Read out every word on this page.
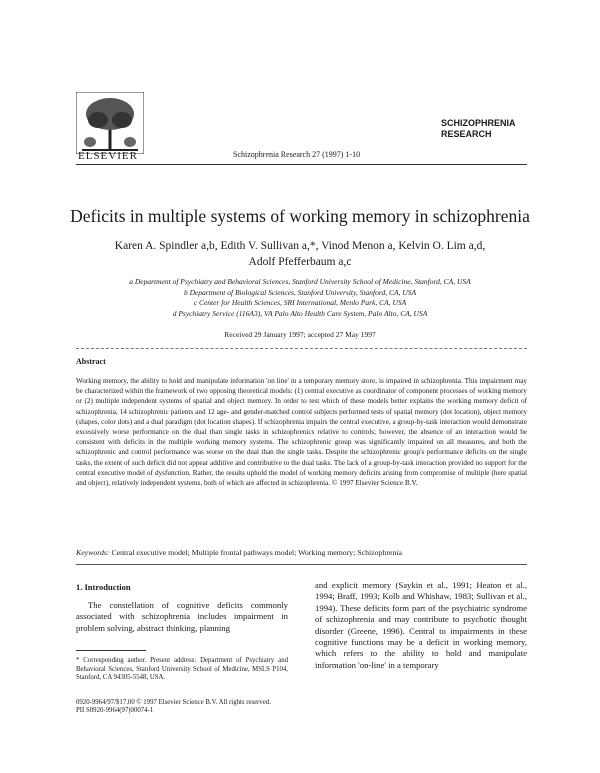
ELSEVIER	Schizophrenia Research 27 (1997) 1-10
SCHIZOPHRENIA
RESEARCH
Deficits in multiple systems of working memory in schizophrenia
Karen A. Spindler a,b, Edith V. Sullivan a,*, Vinod Menon a, Kelvin O. Lim a,d,
Adolf Pfefferbaum a,c
a Department of Psychiatry and Behavioral Sciences, Stanford University School of Medicine, Stanford, CA, USA
b Department of Biological Sciences, Stanford University, Stanford, CA, USA
c Center for Health Sciences, SRI International, Menlo Park, CA, USA
d Psychiatry Service (116A3), VA Palo Alto Health Care System, Palo Alto, CA, USA
Received 29 January 1997; accepted 27 May 1997
Abstract
Working memory, the ability to hold and manipulate information 'on line' in a temporary memory store, is impaired in schizophrenia. This impairment may be characterized within the framework of two opposing theoretical models: (1) central executive as coordinator of component processes of working memory or (2) multiple independent systems of spatial and object memory. In order to test which of these models better explains the working memory deficit of schizophrenia, 14 schizophrenic patients and 12 age- and gender-matched control subjects performed tests of spatial memory (dot location), object memory (shapes, color dots) and a dual paradigm (dot location shapes). If schizophrenia impairs the central executive, a group-by-task interaction would demonstrate excessively worse performance on the dual than single tasks in schizophrenics relative to controls; however, the absence of an interaction would be consistent with deficits in the multiple working memory systems. The schizophrenic group was significantly impaired on all measures, and both the schizophrenic and control performance was worse on the dual than the single tasks. Despite the schizophrenic group's performance deficits on the single tasks, the extent of such deficit did not appear additive and contributive to the dual tasks. The lack of a group-by-task interaction provided no support for the central executive model of dysfunction. Rather, the results uphold the model of working memory deficits arising from compromise of multiple (here spatial and object), relatively independent systems, both of which are affected in schizophrenia. © 1997 Elsevier Science B.V.
Keywords: Central executive model; Multiple frontal pathways model; Working memory; Schizophrenia
1. Introduction

The constellation of cognitive deficits commonly associated with schizophrenia includes impairment in problem solving, abstract thinking, planning

* Corresponding author. Present address: Department of Psychiatry and Behavioral Sciences, Stanford University School of Medicine, MSLS P104, Stanford, CA 94305-5548, USA.
0920-9964/97/$17.00 © 1997 Elsevier Science B.V. All rights reserved.
PII S0920-9964(97)00074-1

and explicit memory (Saykin et al., 1991; Heaton et al., 1994; Braff, 1993; Kolb and Whishaw, 1983; Sullivan et al., 1994). These deficits form part of the psychiatric syndrome of schizophrenia and may contribute to psychotic thought disorder (Greene, 1996). Central to impairments in these cognitive functions may be a deficit in working memory, which refers to the ability to hold and manipulate information 'on-line' in a temporary
